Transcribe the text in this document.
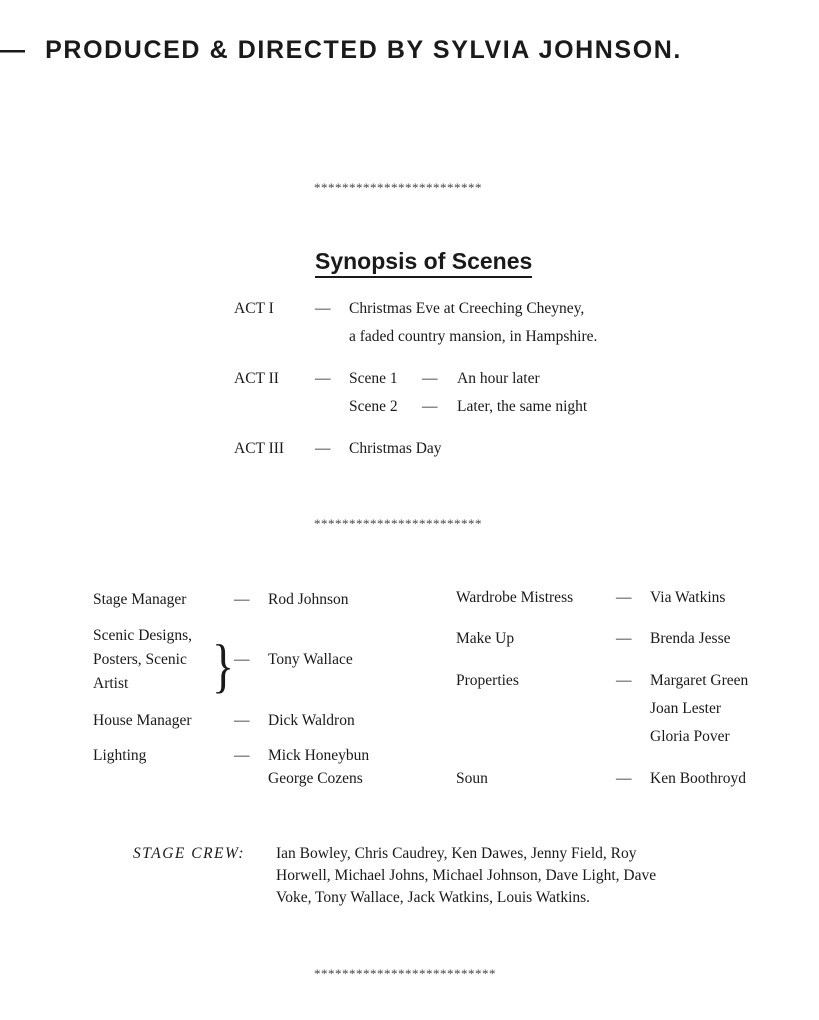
— PRODUCED & DIRECTED BY SYLVIA JOHNSON.
************************
Synopsis of Scenes
ACT I	— Christmas Eve at Creeching Cheyney,
a faded country mansion, in Hampshire.
ACT II — Scene 1 — An hour later
Scene 2 — Later, the same night
ACT III — Christmas Day
************************
Stage Manager	— Rod Johnson
Scenic Designs,
Posters, Scenic
Artist } — Tony Wallace
House Manager	— Dick Waldron
Lighting	— Mick Honeybun
George Cozens
Wardrobe Mistress	— Via Watkins
Make Up	— Brenda Jesse
Properties	— Margaret Green
Joan Lester
Gloria Pover
Soun	— Ken Boothroyd
STAGE CREW: Ian Bowley, Chris Caudrey, Ken Dawes, Jenny Field, Roy
Horwell, Michael Johns, Michael Johnson, Dave Light, Dave
Voke, Tony Wallace, Jack Watkins, Louis Watkins.
**************************
